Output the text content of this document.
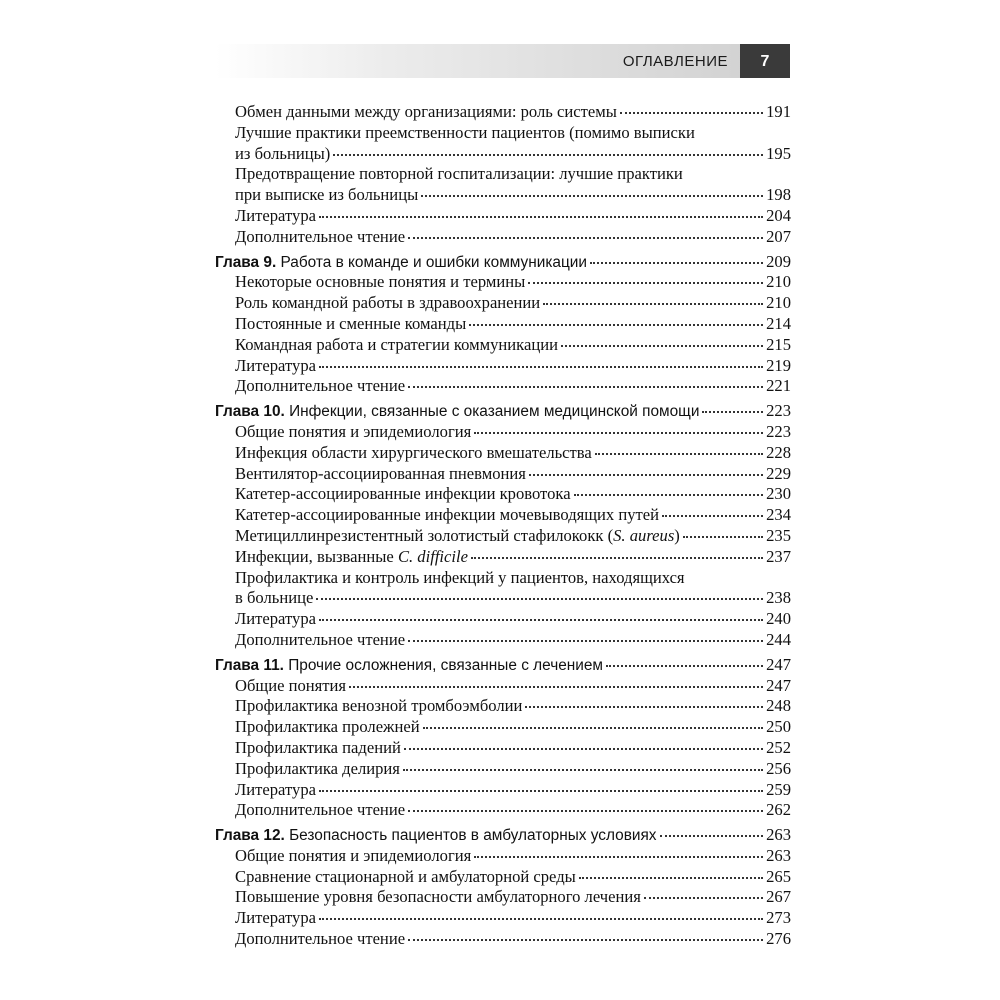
ОГЛАВЛЕНИЕ	7
Обмен данными между организациями: роль системы	191
Лучшие практики преемственности пациентов (помимо выписки
из больницы)	195
Предотвращение повторной госпитализации: лучшие практики
при выписке из больницы	198
Литература	204
Дополнительное чтение	207
Глава 9.
Работа в команде и ошибки коммуникации	209
Некоторые основные понятия и термины	210
Роль командной работы в здравоохранении	210
Постоянные и сменные команды	214
Командная работа и стратегии коммуникации	215
Литература	219
Дополнительное чтение	221
Глава 10.
Инфекции, связанные с оказанием медицинской помощи	223
Общие понятия и эпидемиология	223
Инфекция области хирургического вмешательства	228
Вентилятор-ассоциированная пневмония	229
Катетер-ассоциированные инфекции кровотока	230
Катетер-ассоциированные инфекции мочевыводящих путей	234
Метициллинрезистентный золотистый стафилококк (S. aureus)	235
Инфекции, вызванные C. difficile	237
Профилактика и контроль инфекций у пациентов, находящихся
в больнице	238
Литература	240
Дополнительное чтение	244
Глава 11.
Прочие осложнения, связанные с лечением	247
Общие понятия	247
Профилактика венозной тромбоэмболии	248
Профилактика пролежней	250
Профилактика падений	252
Профилактика делирия	256
Литература	259
Дополнительное чтение	262
Глава 12.
Безопасность пациентов в амбулаторных условиях	263
Общие понятия и эпидемиология	263
Сравнение стационарной и амбулаторной среды	265
Повышение уровня безопасности амбулаторного лечения	267
Литература	273
Дополнительное чтение	276
